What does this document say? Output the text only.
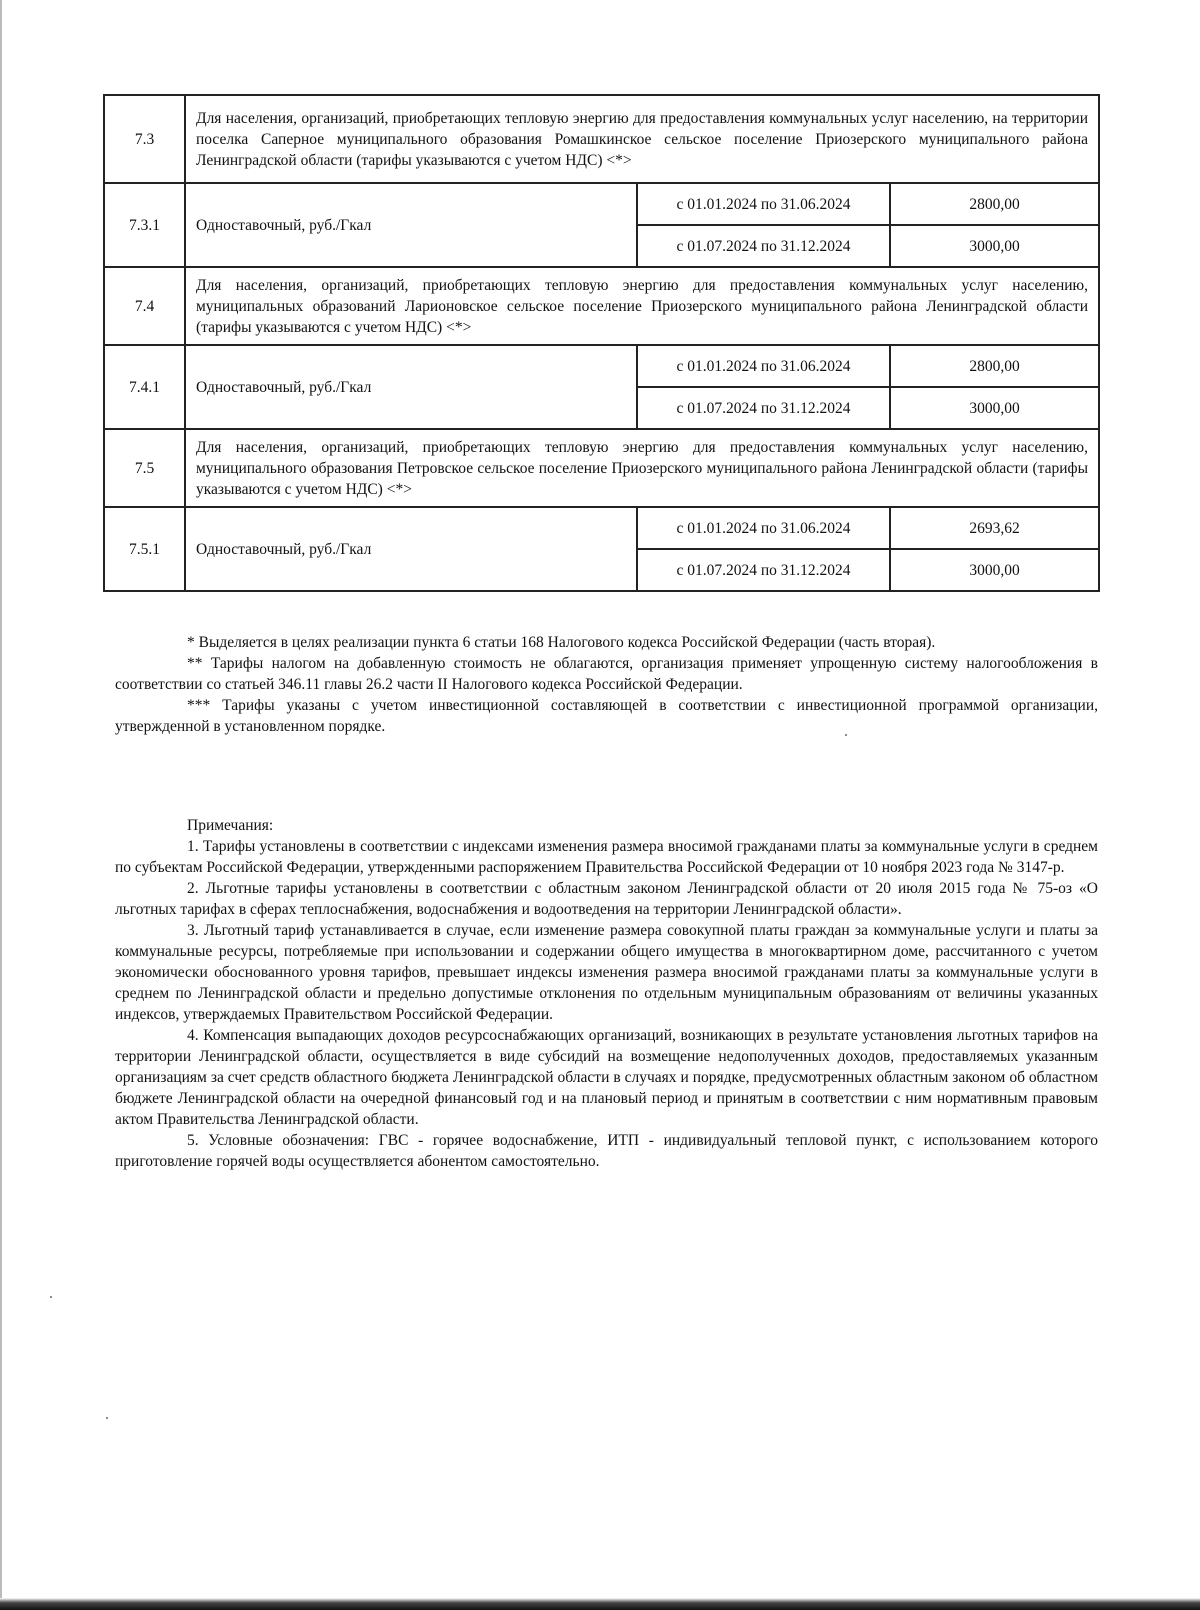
7.3	Для населения, организаций, приобретающих тепловую энергию для предоставления коммунальных услуг населению, на территории поселка Саперное муниципального образования Ромашкинское сельское поселение Приозерского муниципального района Ленинградской области (тарифы указываются с учетом НДС) <*>		
7.3.1	Одноставочный, руб./Гкал	с 01.01.2024 по 31.06.2024	2800,00
		с 01.07.2024 по 31.12.2024	3000,00
7.4	Для населения, организаций, приобретающих тепловую энергию для предоставления коммунальных услуг населению, муниципальных образований Ларионовское сельское поселение Приозерского муниципального района Ленинградской области (тарифы указываются с учетом НДС) <*>		
7.4.1	Одноставочный, руб./Гкал	с 01.01.2024 по 31.06.2024	2800,00
		с 01.07.2024 по 31.12.2024	3000,00
7.5	Для населения, организаций, приобретающих тепловую энергию для предоставления коммунальных услуг населению, муниципального образования Петровское сельское поселение Приозерского муниципального района Ленинградской области (тарифы указываются с учетом НДС) <*>		
7.5.1	Одноставочный, руб./Гкал	с 01.01.2024 по 31.06.2024	2693,62
		с 01.07.2024 по 31.12.2024	3000,00

* Выделяется в целях реализации пункта 6 статьи 168 Налогового кодекса Российской Федерации (часть вторая).

** Тарифы налогом на добавленную стоимость не облагаются, организация применяет упрощенную систему налогообложения в соответствии со статьей 346.11 главы 26.2 части II Налогового кодекса Российской Федерации.

*** Тарифы указаны с учетом инвестиционной составляющей в соответствии с инвестиционной программой организации, утвержденной в установленном порядке.

Примечания:

1. Тарифы установлены в соответствии с индексами изменения размера вносимой гражданами платы за коммунальные услуги в среднем по субъектам Российской Федерации, утвержденными распоряжением Правительства Российской Федерации от 10 ноября 2023 года № 3147-р.

2. Льготные тарифы установлены в соответствии с областным законом Ленинградской области от 20 июля 2015 года № 75-оз «О льготных тарифах в сферах теплоснабжения, водоснабжения и водоотведения на территории Ленинградской области».

3. Льготный тариф устанавливается в случае, если изменение размера совокупной платы граждан за коммунальные услуги и платы за коммунальные ресурсы, потребляемые при использовании и содержании общего имущества в многоквартирном доме, рассчитанного с учетом экономически обоснованного уровня тарифов, превышает индексы изменения размера вносимой гражданами платы за коммунальные услуги в среднем по Ленинградской области и предельно допустимые отклонения по отдельным муниципальным образованиям от величины указанных индексов, утверждаемых Правительством Российской Федерации.

4. Компенсация выпадающих доходов ресурсоснабжающих организаций, возникающих в результате установления льготных тарифов на территории Ленинградской области, осуществляется в виде субсидий на возмещение недополученных доходов, предоставляемых указанным организациям за счет средств областного бюджета Ленинградской области в случаях и порядке, предусмотренных областным законом об областном бюджете Ленинградской области на очередной финансовый год и на плановый период и принятым в соответствии с ним нормативным правовым актом Правительства Ленинградской области.

5. Условные обозначения: ГВС - горячее водоснабжение, ИТП - индивидуальный тепловой пункт, с использованием которого приготовление горячей воды осуществляется абонентом самостоятельно.
